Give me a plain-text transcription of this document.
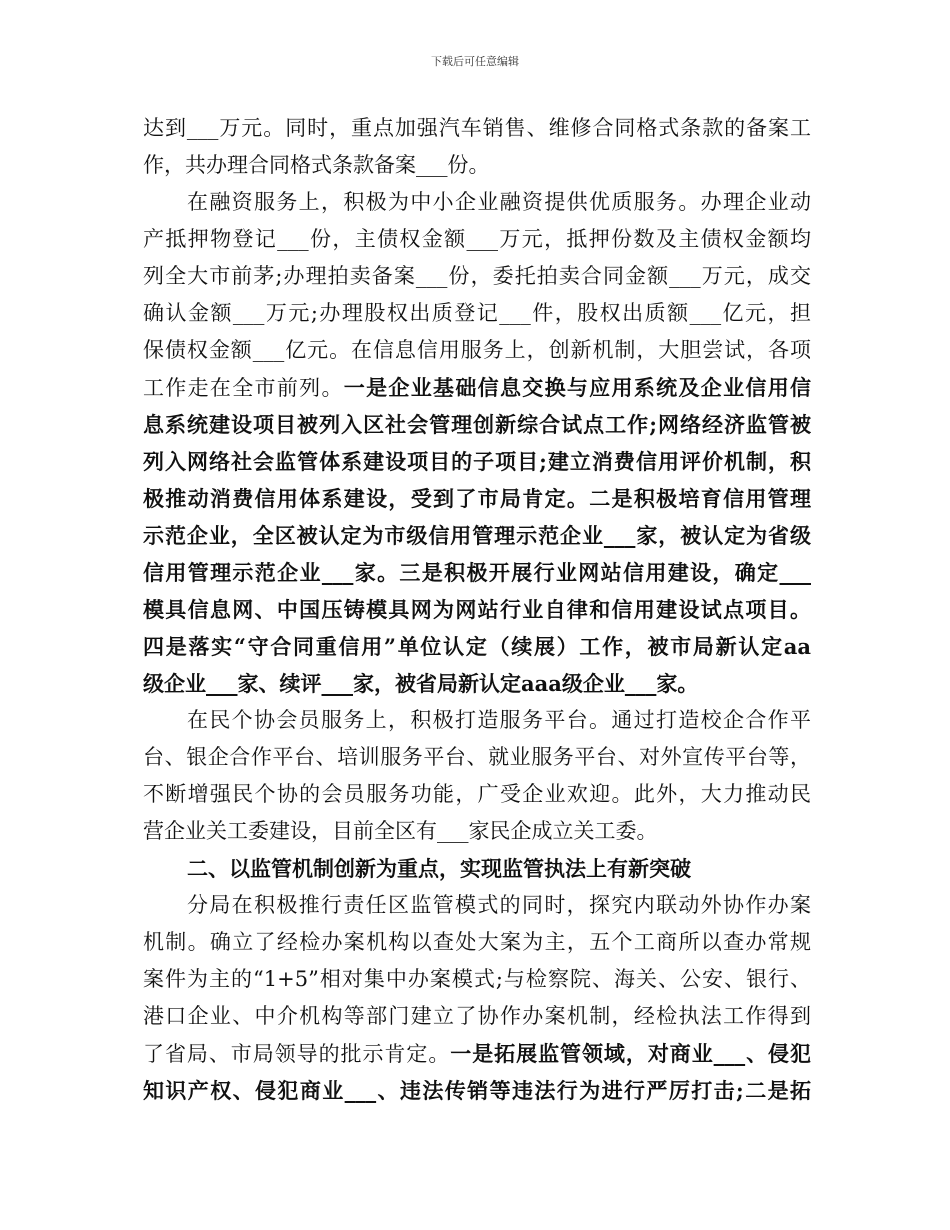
下载后可任意编辑
达到___万元。同时，重点加强汽车销售、维修合同格式条款的备案工
作，共办理合同格式条款备案___份。
在融资服务上，积极为中小企业融资提供优质服务。办理企业动
产抵押物登记___份，主债权金额___万元，抵押份数及主债权金额均
列全大市前茅;办理拍卖备案___份，委托拍卖合同金额___万元，成交
确认金额___万元;办理股权出质登记___件，股权出质额___亿元，担
保债权金额___亿元。在信息信用服务上，创新机制，大胆尝试，各项
工作走在全市前列。一是企业基础信息交换与应用系统及企业信用信
息系统建设项目被列入区社会管理创新综合试点工作;网络经济监管被
列入网络社会监管体系建设项目的子项目;建立消费信用评价机制，积
极推动消费信用体系建设，受到了市局肯定。二是积极培育信用管理
示范企业，全区被认定为市级信用管理示范企业___家，被认定为省级
信用管理示范企业___家。三是积极开展行业网站信用建设，确定___
模具信息网、中国压铸模具网为网站行业自律和信用建设试点项目。
四是落实“守合同重信用”单位认定（续展）工作，被市局新认定aa
级企业___家、续评___家，被省局新认定aaa级企业___家。
在民个协会员服务上，积极打造服务平台。通过打造校企合作平
台、银企合作平台、培训服务平台、就业服务平台、对外宣传平台等，
不断增强民个协的会员服务功能，广受企业欢迎。此外，大力推动民
营企业关工委建设，目前全区有___家民企成立关工委。
二、以监管机制创新为重点，实现监管执法上有新突破
分局在积极推行责任区监管模式的同时，探究内联动外协作办案
机制。确立了经检办案机构以查处大案为主，五个工商所以查办常规
案件为主的“1+5”相对集中办案模式;与检察院、海关、公安、银行、
港口企业、中介机构等部门建立了协作办案机制，经检执法工作得到
了省局、市局领导的批示肯定。一是拓展监管领域，对商业___、侵犯
知识产权、侵犯商业___、违法传销等违法行为进行严厉打击;二是拓
